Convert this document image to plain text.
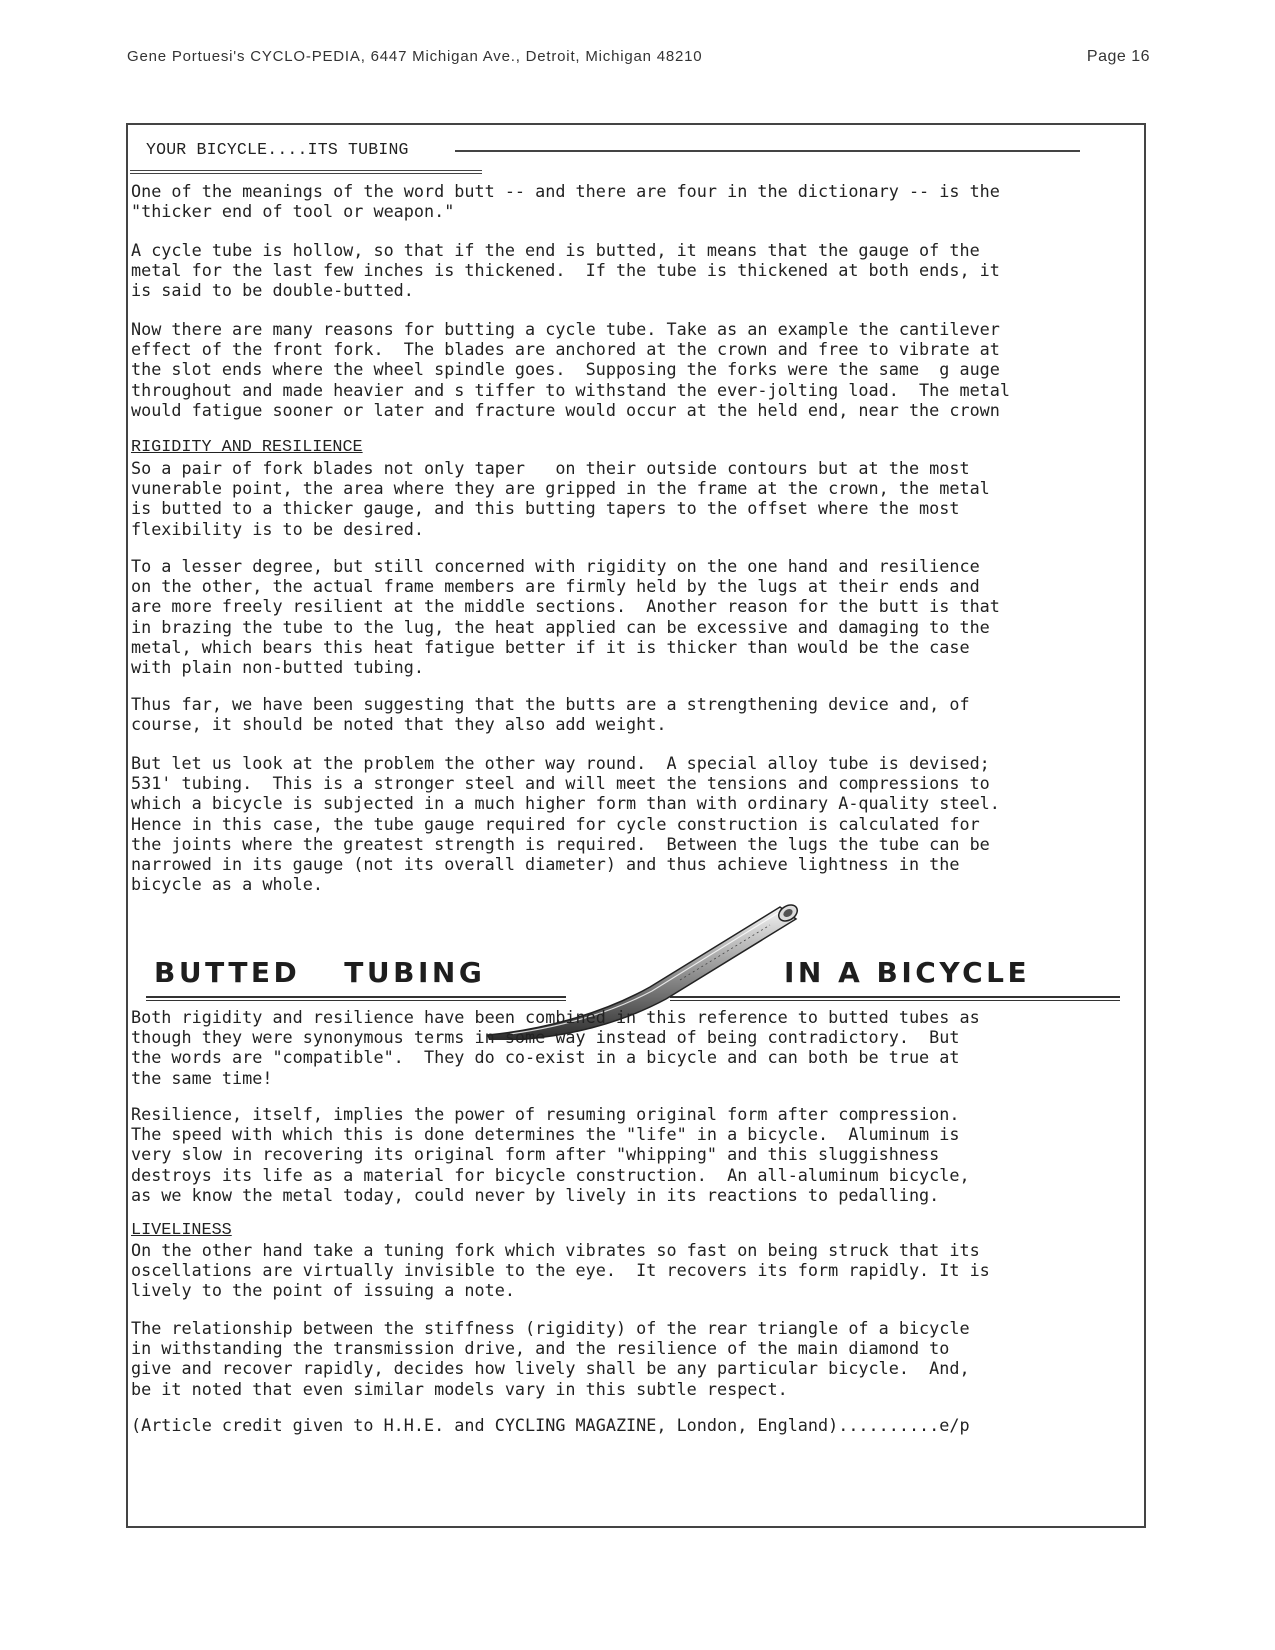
Gene Portuesi's CYCLO-PEDIA, 6447 Michigan Ave., Detroit, Michigan 48210	Page 16
YOUR BICYCLE....ITS TUBING
One of the meanings of the word butt -- and there are four in the dictionary -- is the
"thicker end of tool or weapon."
A cycle tube is hollow, so that if the end is butted, it means that the gauge of the
metal for the last few inches is thickened.  If the tube is thickened at both ends, it
is said to be double-butted.
Now there are many reasons for butting a cycle tube. Take as an example the cantilever
effect of the front fork.  The blades are anchored at the crown and free to vibrate at
the slot ends where the wheel spindle goes.  Supposing the forks were the same  g auge
throughout and made heavier and s tiffer to withstand the ever-jolting load.  The metal
would fatigue sooner or later and fracture would occur at the held end, near the crown
RIGIDITY AND RESILIENCE
So a pair of fork blades not only taper   on their outside contours but at the most
vunerable point, the area where they are gripped in the frame at the crown, the metal
is butted to a thicker gauge, and this butting tapers to the offset where the most
flexibility is to be desired.
To a lesser degree, but still concerned with rigidity on the one hand and resilience
on the other, the actual frame members are firmly held by the lugs at their ends and
are more freely resilient at the middle sections.  Another reason for the butt is that
in brazing the tube to the lug, the heat applied can be excessive and damaging to the
metal, which bears this heat fatigue better if it is thicker than would be the case
with plain non-butted tubing.
Thus far, we have been suggesting that the butts are a strengthening device and, of
course, it should be noted that they also add weight.
But let us look at the problem the other way round.  A special alloy tube is devised;
531' tubing.  This is a stronger steel and will meet the tensions and compressions to
which a bicycle is subjected in a much higher form than with ordinary A-quality steel.
Hence in this case, the tube gauge required for cycle construction is calculated for
the joints where the greatest strength is required.  Between the lugs the tube can be
narrowed in its gauge (not its overall diameter) and thus achieve lightness in the
bicycle as a whole.
BUTTED TUBING	IN A BICYCLE
Both rigidity and resilience have been combined in this reference to butted tubes as
though they were synonymous terms in some way instead of being contradictory.  But
the words are "compatible".  They do co-exist in a bicycle and can both be true at
the same time!
Resilience, itself, implies the power of resuming original form after compression.
The speed with which this is done determines the "life" in a bicycle.  Aluminum is
very slow in recovering its original form after "whipping" and this sluggishness
destroys its life as a material for bicycle construction.  An all-aluminum bicycle,
as we know the metal today, could never by lively in its reactions to pedalling.
LIVELINESS
On the other hand take a tuning fork which vibrates so fast on being struck that its
oscellations are virtually invisible to the eye.  It recovers its form rapidly. It is
lively to the point of issuing a note.
The relationship between the stiffness (rigidity) of the rear triangle of a bicycle
in withstanding the transmission drive, and the resilience of the main diamond to
give and recover rapidly, decides how lively shall be any particular bicycle.  And,
be it noted that even similar models vary in this subtle respect.
(Article credit given to H.H.E. and CYCLING MAGAZINE, London, England)..........e/p
